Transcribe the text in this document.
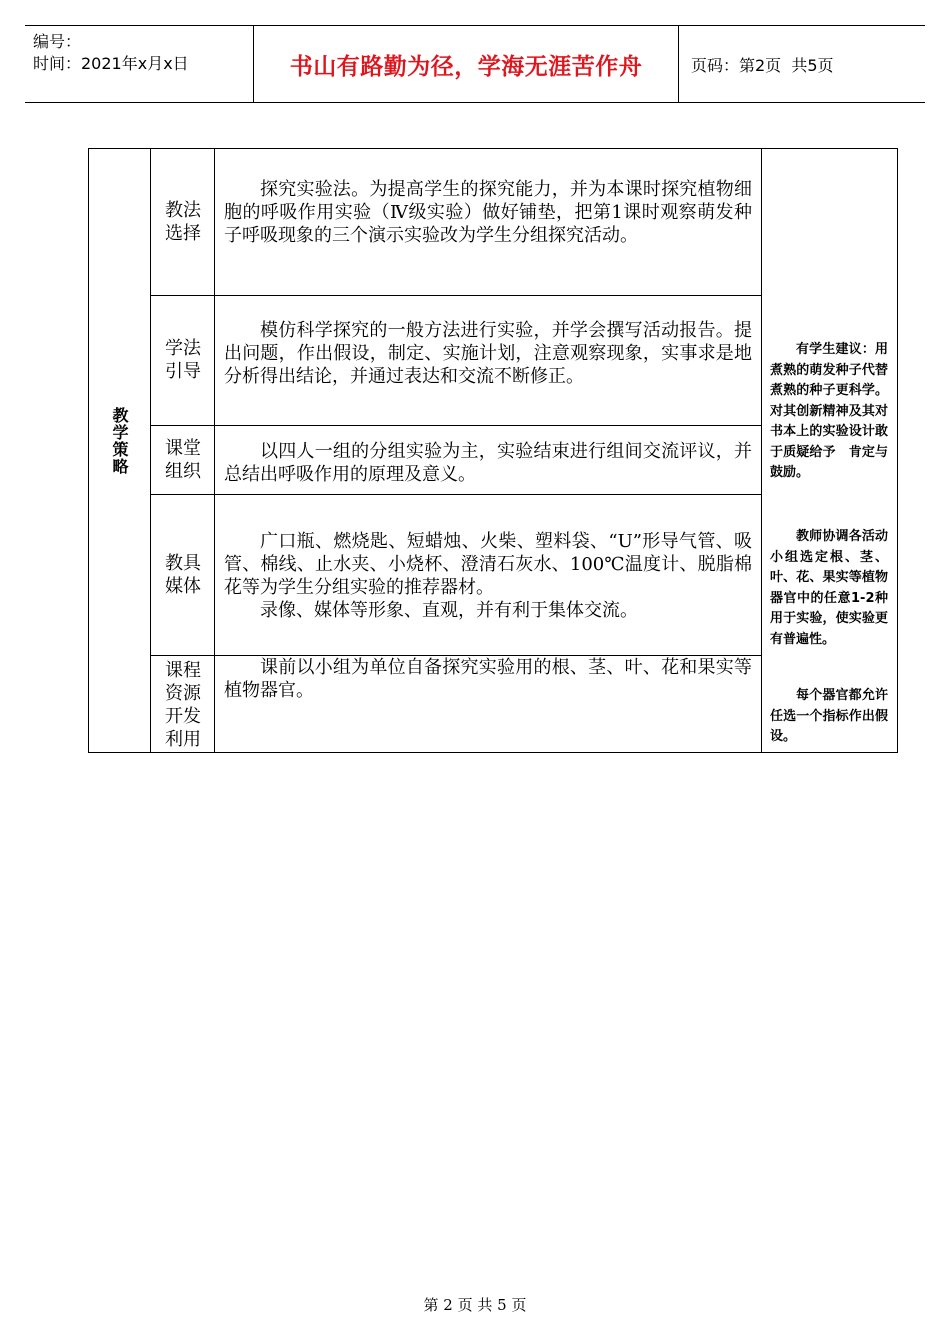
编号：
时间：2021年x月x日	书山有路勤为径，学海无涯苦作舟	页码：第2页  共5页
教学策略
教法选择

探究实验法。为提高学生的探究能力，并为本课时探究植物细胞的呼吸作用实验（Ⅳ级实验）做好铺垫，把第1课时观察萌发种子呼吸现象的三个演示实验改为学生分组探究活动。

学法引导

模仿科学探究的一般方法进行实验，并学会撰写活动报告。提出问题，作出假设，制定、实施计划，注意观察现象，实事求是地分析得出结论，并通过表达和交流不断修正。

课堂组织

以四人一组的分组实验为主，实验结束进行组间交流评议，并总结出呼吸作用的原理及意义。

教具媒体

广口瓶、燃烧匙、短蜡烛、火柴、塑料袋、“U”形导气管、吸管、棉线、止水夹、小烧杯、澄清石灰水、100℃温度计、脱脂棉花等为学生分组实验的推荐器材。

录像、媒体等形象、直观，并有利于集体交流。

课程资源开发利用

课前以小组为单位自备探究实验用的根、茎、叶、花和果实等植物器官。

有学生建议：用煮熟的萌发种子代替煮熟的种子更科学。对其创新精神及其对书本上的实验设计敢于质疑给予　肯定与鼓励。

教师协调各活动小组选定根、茎、叶、花、果实等植物器官中的任意1-2种用于实验，使实验更有普遍性。

每个器官都允许任选一个指标作出假设。

第 2 页 共 5 页
